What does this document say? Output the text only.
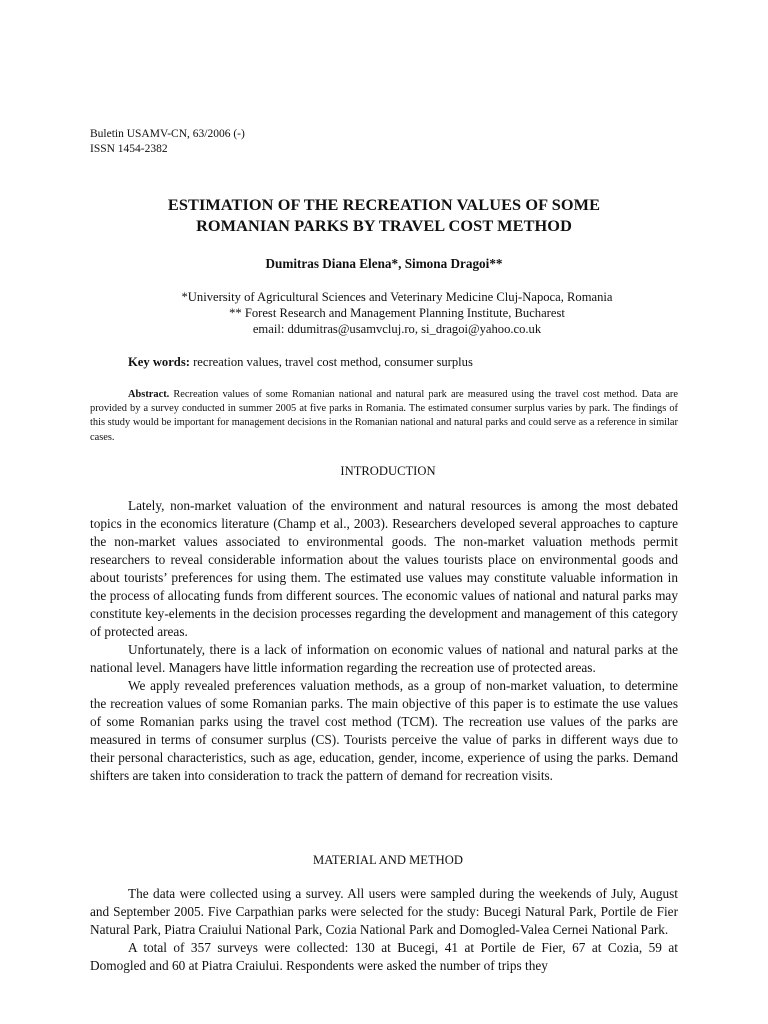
Buletin USAMV-CN, 63/2006 (-)
ISSN 1454-2382
ESTIMATION OF THE RECREATION VALUES OF SOME
ROMANIAN PARKS BY TRAVEL COST METHOD
Dumitras Diana Elena*, Simona Dragoi**
*University of Agricultural Sciences and Veterinary Medicine Cluj-Napoca, Romania
** Forest Research and Management Planning Institute, Bucharest
email: ddumitras@usamvcluj.ro, si_dragoi@yahoo.co.uk
Key words: recreation values, travel cost method, consumer surplus
Abstract. Recreation values of some Romanian national and natural park are measured using the travel cost method. Data are provided by a survey conducted in summer 2005 at five parks in Romania. The estimated consumer surplus varies by park. The findings of this study would be important for management decisions in the Romanian national and natural parks and could serve as a reference in similar cases.
INTRODUCTION

Lately, non-market valuation of the environment and natural resources is among the most debated topics in the economics literature (Champ et al., 2003). Researchers developed several approaches to capture the non-market values associated to environmental goods. The non-market valuation methods permit researchers to reveal considerable information about the values tourists place on environmental goods and about tourists’ preferences for using them. The estimated use values may constitute valuable information in the process of allocating funds from different sources. The economic values of national and natural parks may constitute key-elements in the decision processes regarding the development and management of this category of protected areas.

Unfortunately, there is a lack of information on economic values of national and natural parks at the national level. Managers have little information regarding the recreation use of protected areas.

We apply revealed preferences valuation methods, as a group of non-market valuation, to determine the recreation values of some Romanian parks. The main objective of this paper is to estimate the use values of some Romanian parks using the travel cost method (TCM). The recreation use values of the parks are measured in terms of consumer surplus (CS). Tourists perceive the value of parks in different ways due to their personal characteristics, such as age, education, gender, income, experience of using the parks. Demand shifters are taken into consideration to track the pattern of demand for recreation visits.

MATERIAL AND METHOD

The data were collected using a survey. All users were sampled during the weekends of July, August and September 2005. Five Carpathian parks were selected for the study: Bucegi Natural Park, Portile de Fier Natural Park, Piatra Craiului National Park, Cozia National Park and Domogled-Valea Cernei National Park.

A total of 357 surveys were collected: 130 at Bucegi, 41 at Portile de Fier, 67 at Cozia, 59 at Domogled and 60 at Piatra Craiului. Respondents were asked the number of trips they
